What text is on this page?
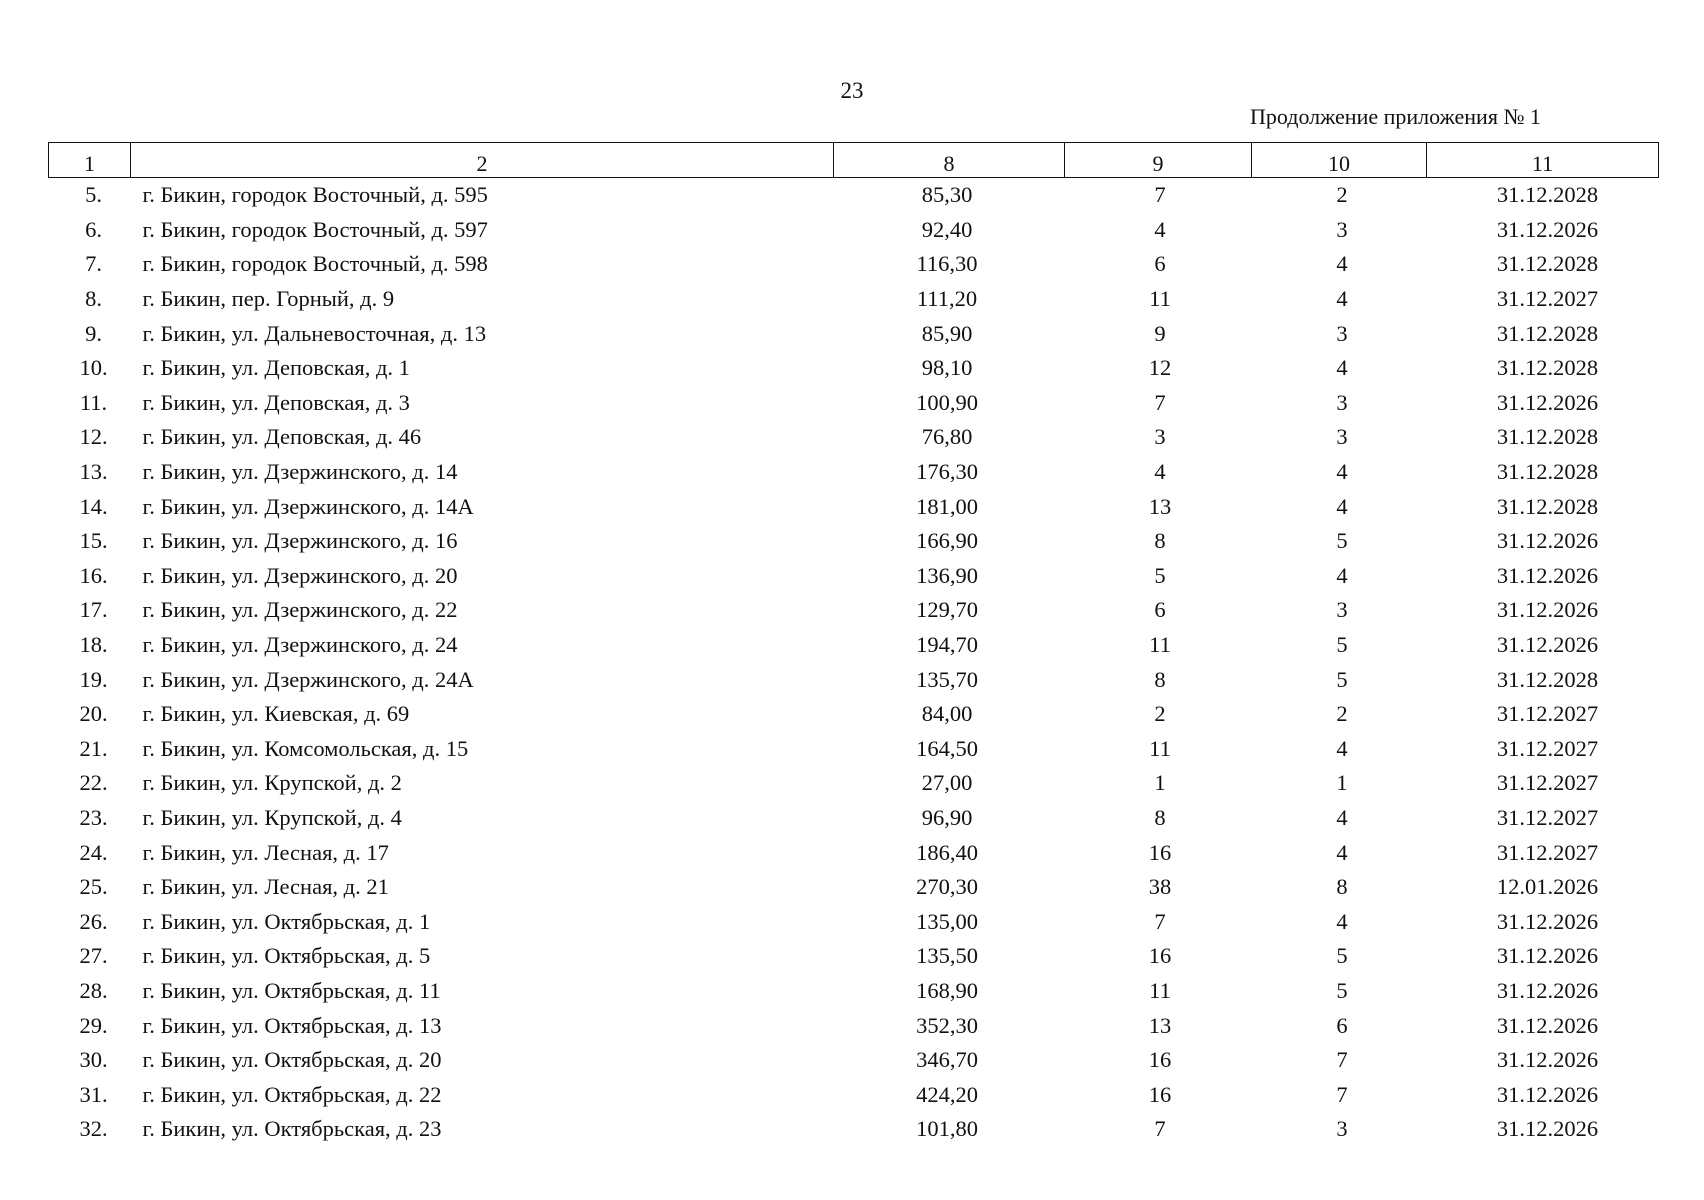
23
Продолжение приложения № 1
1	2	8	9	10	11
5.	г. Бикин, городок Восточный, д. 595	85,30	7	2	31.12.2028
6.	г. Бикин, городок Восточный, д. 597	92,40	4	3	31.12.2026
7.	г. Бикин, городок Восточный, д. 598	116,30	6	4	31.12.2028
8.	г. Бикин, пер. Горный, д. 9	111,20	11	4	31.12.2027
9.	г. Бикин, ул. Дальневосточная, д. 13	85,90	9	3	31.12.2028
10.	г. Бикин, ул. Деповская, д. 1	98,10	12	4	31.12.2028
11.	г. Бикин, ул. Деповская, д. 3	100,90	7	3	31.12.2026
12.	г. Бикин, ул. Деповская, д. 46	76,80	3	3	31.12.2028
13.	г. Бикин, ул. Дзержинского, д. 14	176,30	4	4	31.12.2028
14.	г. Бикин, ул. Дзержинского, д. 14А	181,00	13	4	31.12.2028
15.	г. Бикин, ул. Дзержинского, д. 16	166,90	8	5	31.12.2026
16.	г. Бикин, ул. Дзержинского, д. 20	136,90	5	4	31.12.2026
17.	г. Бикин, ул. Дзержинского, д. 22	129,70	6	3	31.12.2026
18.	г. Бикин, ул. Дзержинского, д. 24	194,70	11	5	31.12.2026
19.	г. Бикин, ул. Дзержинского, д. 24А	135,70	8	5	31.12.2028
20.	г. Бикин, ул. Киевская, д. 69	84,00	2	2	31.12.2027
21.	г. Бикин, ул. Комсомольская, д. 15	164,50	11	4	31.12.2027
22.	г. Бикин, ул. Крупской, д. 2	27,00	1	1	31.12.2027
23.	г. Бикин, ул. Крупской, д. 4	96,90	8	4	31.12.2027
24.	г. Бикин, ул. Лесная, д. 17	186,40	16	4	31.12.2027
25.	г. Бикин, ул. Лесная, д. 21	270,30	38	8	12.01.2026
26.	г. Бикин, ул. Октябрьская, д. 1	135,00	7	4	31.12.2026
27.	г. Бикин, ул. Октябрьская, д. 5	135,50	16	5	31.12.2026
28.	г. Бикин, ул. Октябрьская, д. 11	168,90	11	5	31.12.2026
29.	г. Бикин, ул. Октябрьская, д. 13	352,30	13	6	31.12.2026
30.	г. Бикин, ул. Октябрьская, д. 20	346,70	16	7	31.12.2026
31.	г. Бикин, ул. Октябрьская, д. 22	424,20	16	7	31.12.2026
32.	г. Бикин, ул. Октябрьская, д. 23	101,80	7	3	31.12.2026
